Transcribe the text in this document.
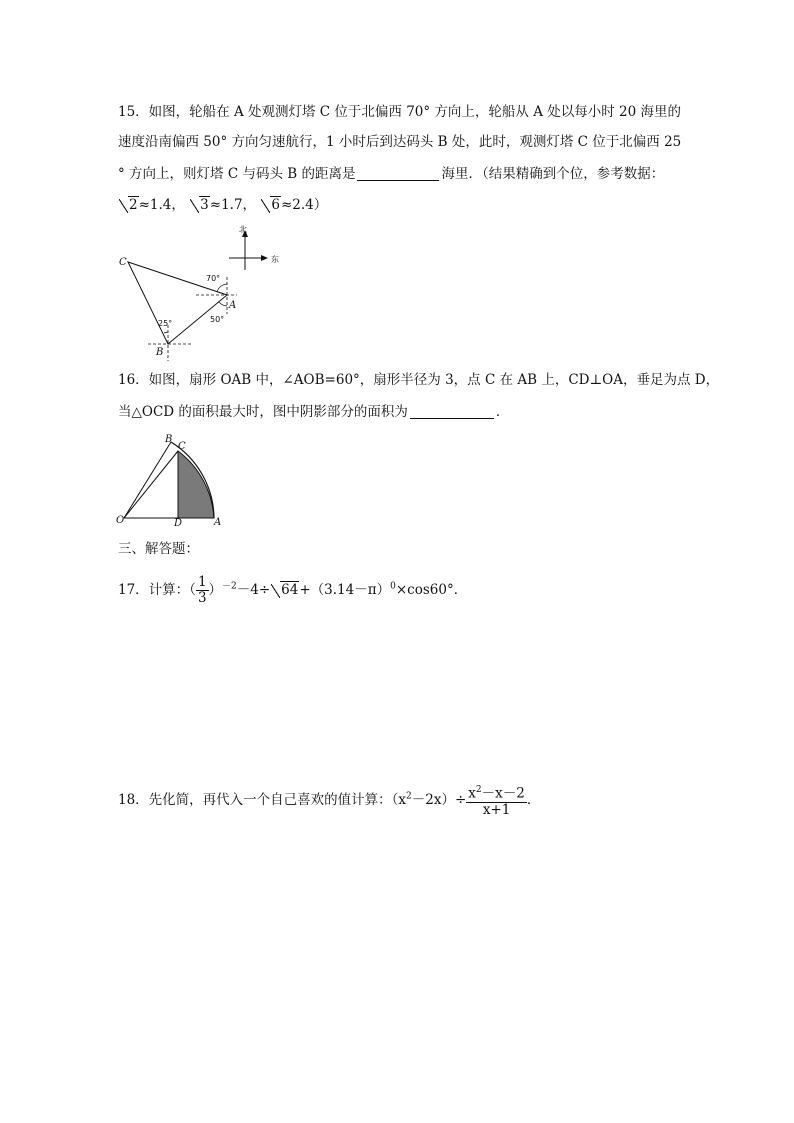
15．如图，轮船在 A 处观测灯塔 C 位于北偏西 70° 方向上，轮船从 A 处以每小时 20 海里的
速度沿南偏西 50° 方向匀速航行，1 小时后到达码头 B 处，此时，观测灯塔 C 位于北偏西 25
° 方向上，则灯塔 C 与码头 B 的距离是	海里．（结果精确到个位，参考数据：
2≈1.4， 3≈1.7， 6≈2.4）
北
东
C
A
B
70°
50°
25°
16．如图，扇形 OAB 中，∠AOB=60°，扇形半径为 3，点 C 在 AB 上，CD⊥OA，垂足为点 D，
当△OCD 的面积最大时，图中阴影部分的面积为	．
O	A
B
C
D
三、解答题：
17．计算：（ $\frac{1}{3} )^{-2}-4\div 64+(3.14-\pi)^0\times\cos 60^\circ$．
18．先化简，再代入一个自己喜欢的值计算：$(x^2-2x)\div \frac{x^2-x-2}{x+1}$ ．
